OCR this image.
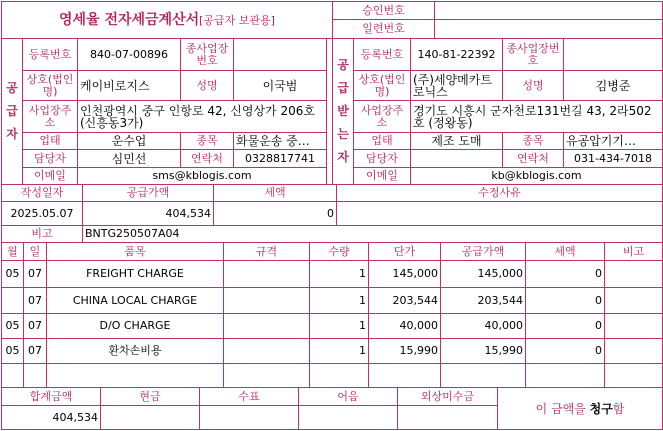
영세율 전자세금계산서[공급자 보관용]	승인번호	
	일련번호	
공급자	등록번호	840-07-00896	종사업장번호			공급받는자	등록번호	140-81-22392	종사업장번호	
	상호(법인명)	케이비로지스	성명	이국범			상호(법인명)	(주)세양메카트로닉스	성명	김병준
	사업장주소	인천광역시 중구 인항로 42, 신영상가 206호 (신흥동3가)					사업장주소	경기도 시흥시 군자천로131번길 43, 2라502호 (정왕동)		
	업태	운수업	종목	화물운송 중…			업태	제조 도매	종목	유공압기기…
	담당자	심민선	연락처	0328817741			담당자		연락처	031-434-7018
	이메일	sms@kblogis.com					이메일	kb@kblogis.com		
작성일자	공급가액	세액	수정사유
2025.05.07	404,534	0	
비고	BNTG250507A04		
월	일	품목	규격	수량	단가	공급가액	세액	비고
05	07	FREIGHT CHARGE		1	145,000	145,000	0	
	07	CHINA LOCAL CHARGE		1	203,544	203,544	0	
05	07	D/O CHARGE		1	40,000	40,000	0	
05	07	환차손비용		1	15,990	15,990	0	

합계금액	현금	수표	어음	외상미수금	이 금액을 청구함
404,534					
